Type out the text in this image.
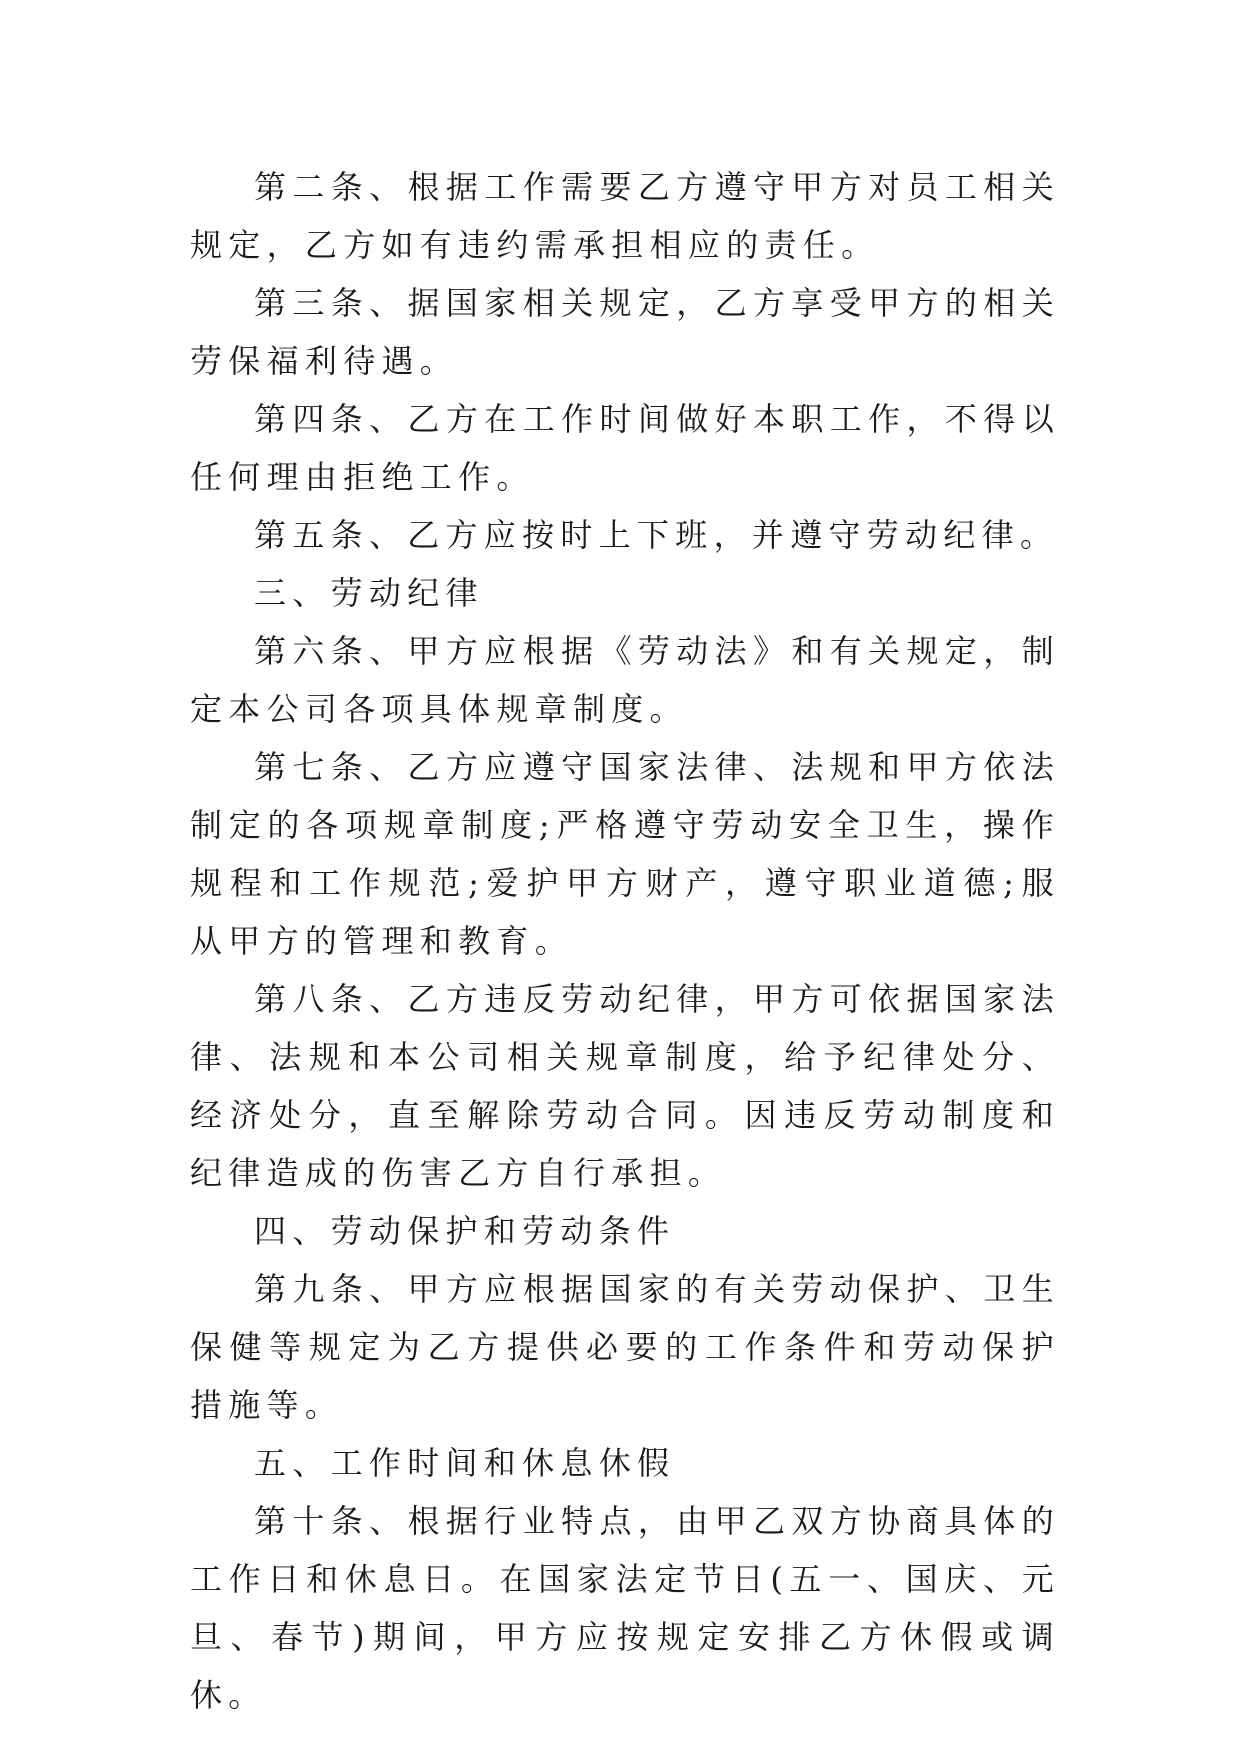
第二条、根据工作需要乙方遵守甲方对员工相关规定，乙方如有违约需承担相应的责任。

第三条、据国家相关规定，乙方享受甲方的相关劳保福利待遇。

第四条、乙方在工作时间做好本职工作，不得以任何理由拒绝工作。

第五条、乙方应按时上下班，并遵守劳动纪律。

三、劳动纪律

第六条、甲方应根据《劳动法》和有关规定，制定本公司各项具体规章制度。

第七条、乙方应遵守国家法律、法规和甲方依法制定的各项规章制度;严格遵守劳动安全卫生，操作规程和工作规范;爱护甲方财产，遵守职业道德;服从甲方的管理和教育。

第八条、乙方违反劳动纪律，甲方可依据国家法律、法规和本公司相关规章制度，给予纪律处分、经济处分，直至解除劳动合同。因违反劳动制度和纪律造成的伤害乙方自行承担。

四、劳动保护和劳动条件

第九条、甲方应根据国家的有关劳动保护、卫生保健等规定为乙方提供必要的工作条件和劳动保护措施等。

五、工作时间和休息休假

第十条、根据行业特点，由甲乙双方协商具体的工作日和休息日。在国家法定节日(五一、国庆、元旦、春节)期间，甲方应按规定安排乙方休假或调休。
